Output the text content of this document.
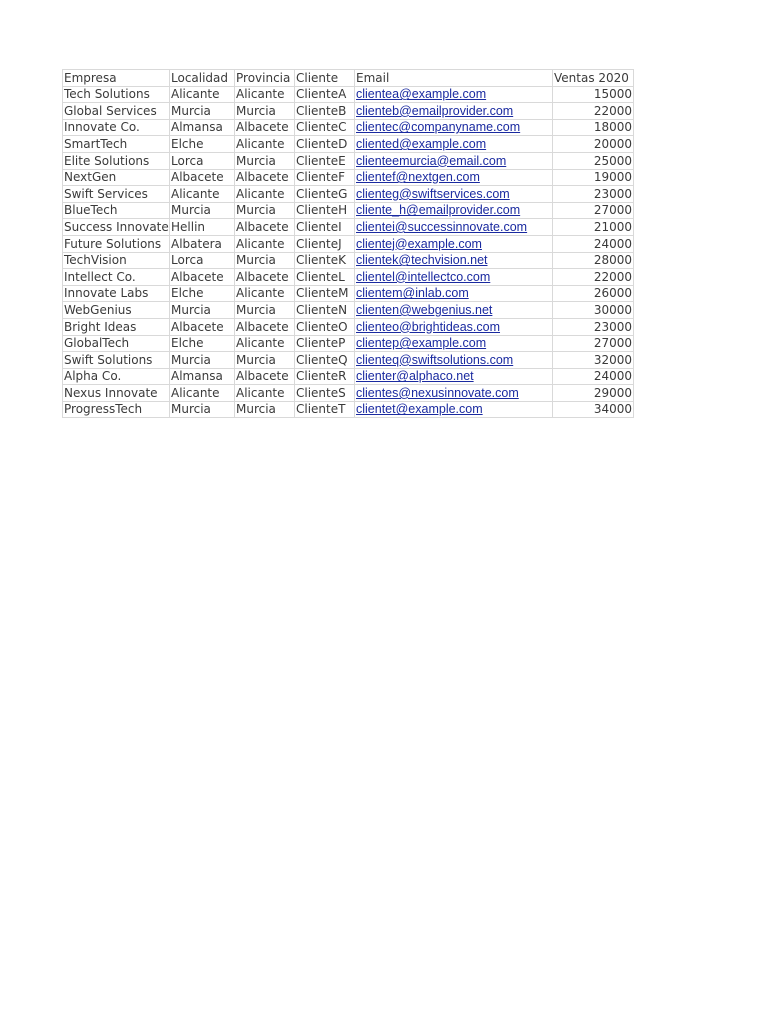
Empresa	Localidad	Provincia	Cliente	Email	Ventas 2020
Tech Solutions	Alicante	Alicante	ClienteA	clientea@example.com	15000
Global Services	Murcia	Murcia	ClienteB	clienteb@emailprovider.com	22000
Innovate Co.	Almansa	Albacete	ClienteC	clientec@companyname.com	18000
SmartTech	Elche	Alicante	ClienteD	cliented@example.com	20000
Elite Solutions	Lorca	Murcia	ClienteE	clienteemurcia@email.com	25000
NextGen	Albacete	Albacete	ClienteF	clientef@nextgen.com	19000
Swift Services	Alicante	Alicante	ClienteG	clienteg@swiftservices.com	23000
BlueTech	Murcia	Murcia	ClienteH	cliente_h@emailprovider.com	27000
Success Innovate	Hellin	Albacete	ClienteI	clientei@successinnovate.com	21000
Future Solutions	Albatera	Alicante	ClienteJ	clientej@example.com	24000
TechVision	Lorca	Murcia	ClienteK	clientek@techvision.net	28000
Intellect Co.	Albacete	Albacete	ClienteL	clientel@intellectco.com	22000
Innovate Labs	Elche	Alicante	ClienteM	clientem@inlab.com	26000
WebGenius	Murcia	Murcia	ClienteN	clienten@webgenius.net	30000
Bright Ideas	Albacete	Albacete	ClienteO	clienteo@brightideas.com	23000
GlobalTech	Elche	Alicante	ClienteP	clientep@example.com	27000
Swift Solutions	Murcia	Murcia	ClienteQ	clienteq@swiftsolutions.com	32000
Alpha Co.	Almansa	Albacete	ClienteR	clienter@alphaco.net	24000
Nexus Innovate	Alicante	Alicante	ClienteS	clientes@nexusinnovate.com	29000
ProgressTech	Murcia	Murcia	ClienteT	clientet@example.com	34000
